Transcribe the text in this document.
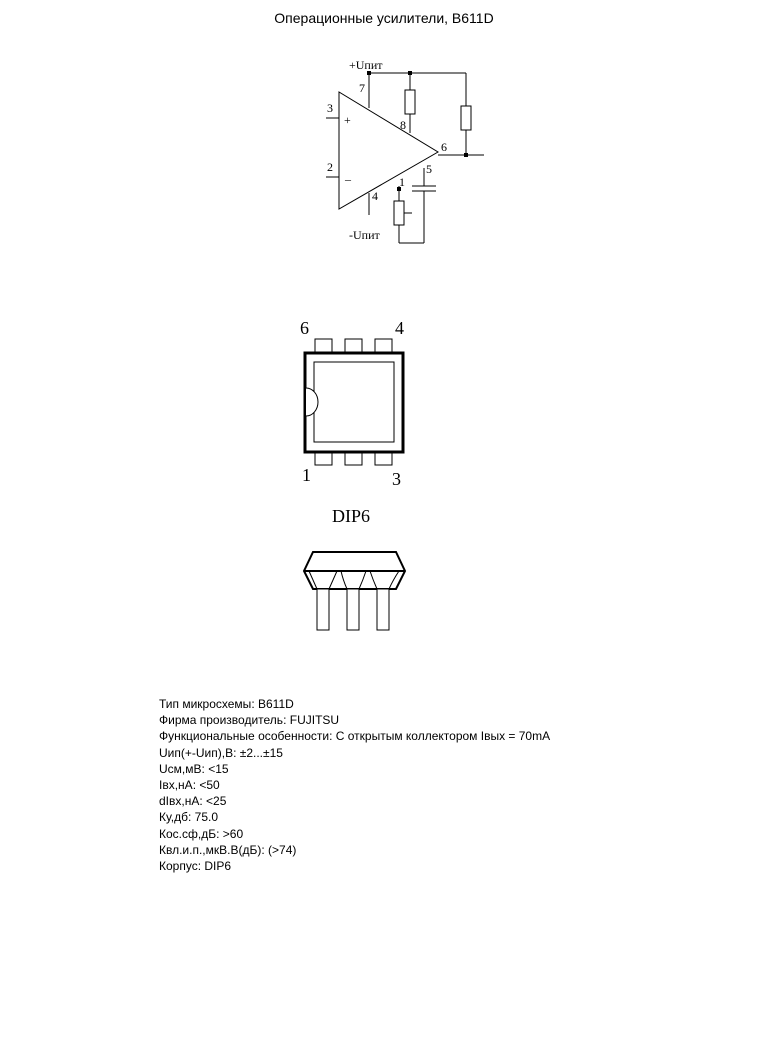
Операционные усилители, B611D
+Uпит
-Uпит
+
–
7
3
2
8
6
5
1
4
6	4
1	3
DIP6
Тип микросхемы: B611D
Фирма производитель: FUJITSU
Функциональные особенности: С открытым коллектором Iвых = 70mA
Uип(+-Uип),В: ±2...±15
Uсм,мВ: <15
Iвх,нА: <50
dIвх,нА: <25
Ку,дб: 75.0
Кос.сф,дБ: >60
Квл.и.п.,мкВ.В(дБ): (>74)
Корпус: DIP6
